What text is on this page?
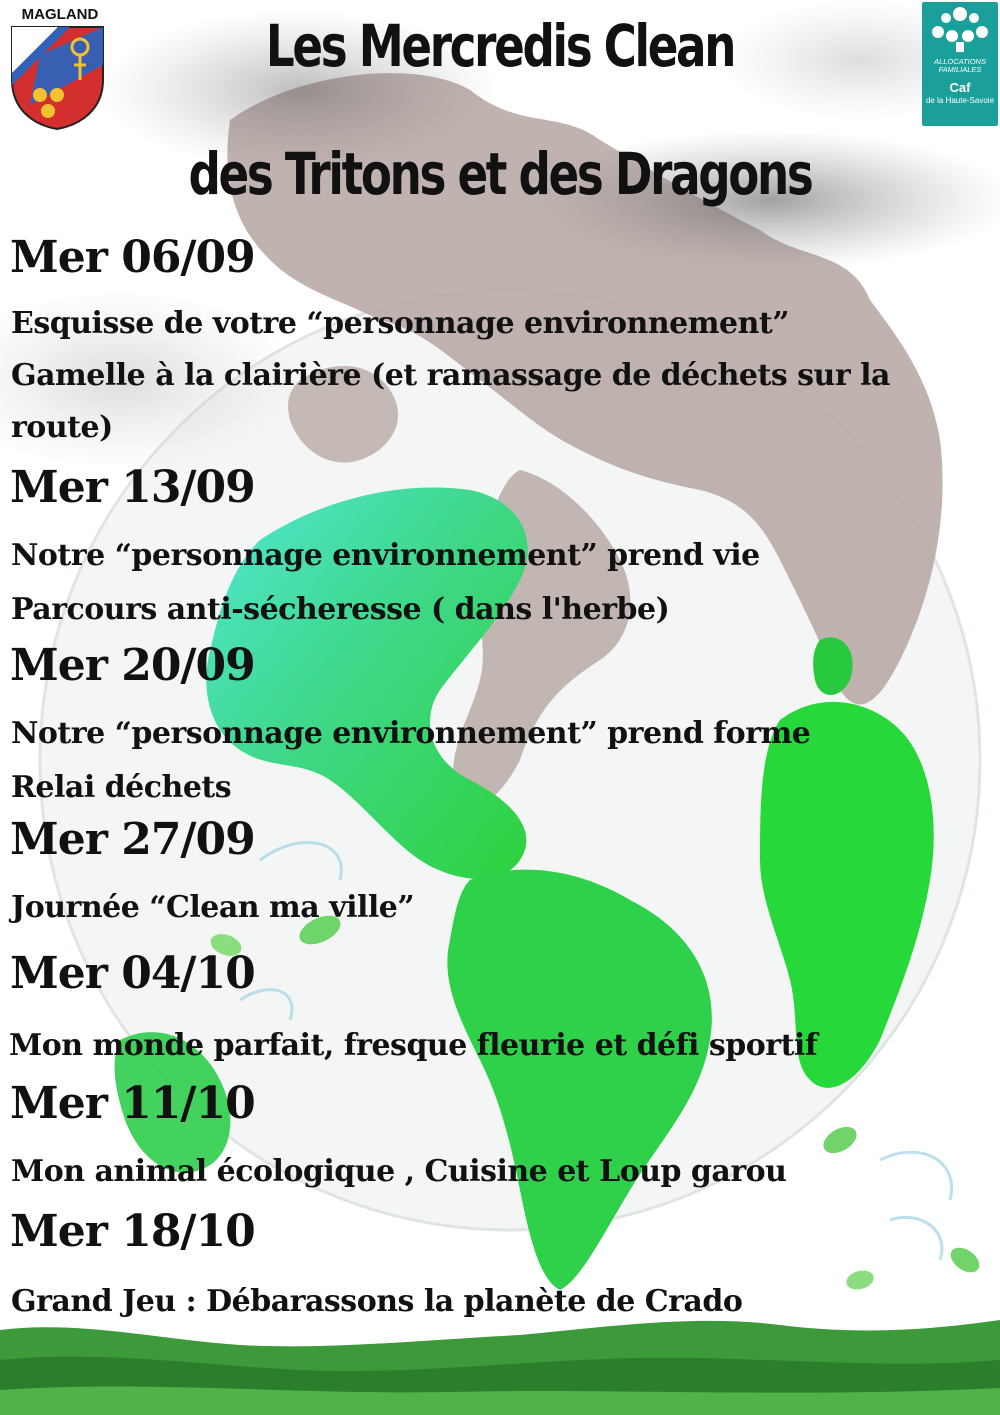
MAGLAND
ALLOCATIONS FAMILIALES
Caf
de la Haute-Savoie
Les Mercredis Clean
des Tritons et des Dragons

Mer 06/09

Esquisse de votre “personnage environnement”

Gamelle à la clairière (et ramassage de déchets sur la

route)

Mer 13/09

Notre “personnage environnement” prend vie

Parcours anti-sécheresse ( dans l'herbe)

Mer 20/09

Notre “personnage environnement” prend forme

Relai déchets

Mer 27/09

Journée “Clean ma ville”

Mer 04/10

Mon monde parfait, fresque fleurie et défi sportif

Mer 11/10

Mon animal écologique , Cuisine et Loup garou

Mer 18/10

Grand Jeu : Débarassons la planète de Crado
